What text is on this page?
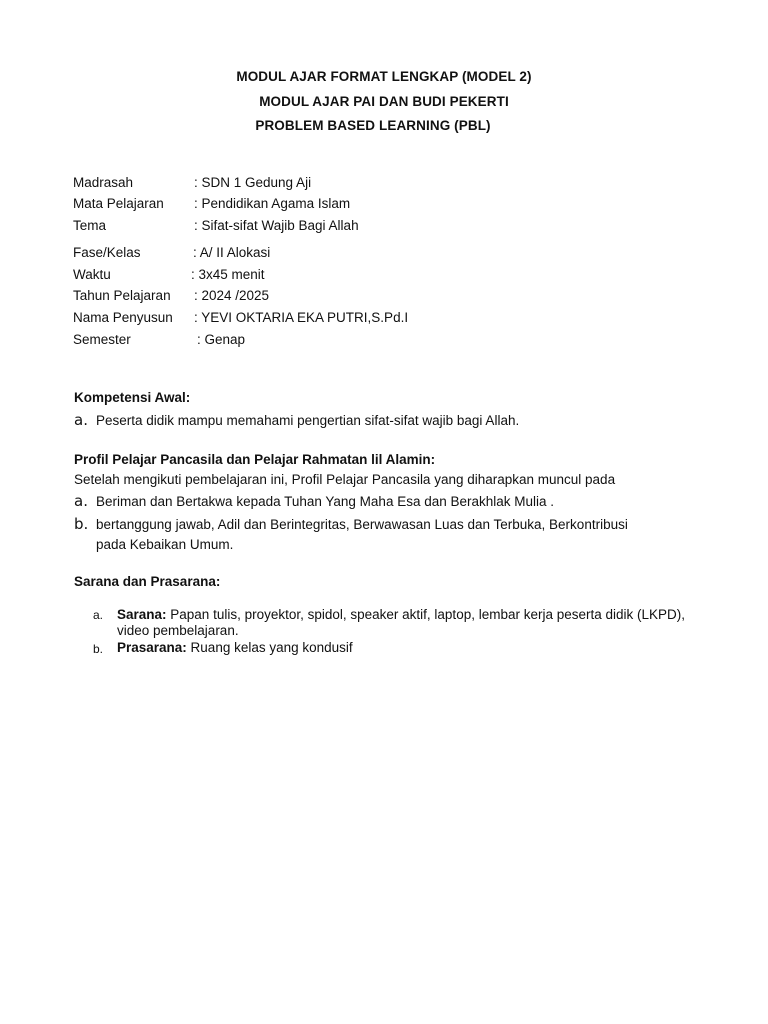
MODUL AJAR FORMAT LENGKAP (MODEL 2)
MODUL AJAR PAI DAN BUDI PEKERTI
PROBLEM BASED LEARNING (PBL)
Madrasah	: SDN 1 Gedung Aji
Mata Pelajaran : Pendidikan Agama Islam
Tema	: Sifat-sifat Wajib Bagi Allah
Fase/Kelas	: A/ II Alokasi
Waktu	: 3x45 menit
Tahun Pelajaran : 2024 /2025
Nama Penyusun : YEVI OKTARIA EKA PUTRI,S.Pd.I
Semester	: Genap
Kompetensi Awal:
a. Peserta didik mampu memahami pengertian sifat-sifat wajib bagi Allah.
Profil Pelajar Pancasila dan Pelajar Rahmatan lil Alamin:
Setelah mengikuti pembelajaran ini, Profil Pelajar Pancasila yang diharapkan muncul pada
a. Beriman dan Bertakwa kepada Tuhan Yang Maha Esa dan Berakhlak Mulia .
b. bertanggung jawab, Adil dan Berintegritas, Berwawasan Luas dan Terbuka, Berkontribusi pada Kebaikan Umum.
Sarana dan Prasarana:
a. Sarana: Papan tulis, proyektor, spidol, speaker aktif, laptop, lembar kerja peserta didik (LKPD), video pembelajaran.
b. Prasarana: Ruang kelas yang kondusif
